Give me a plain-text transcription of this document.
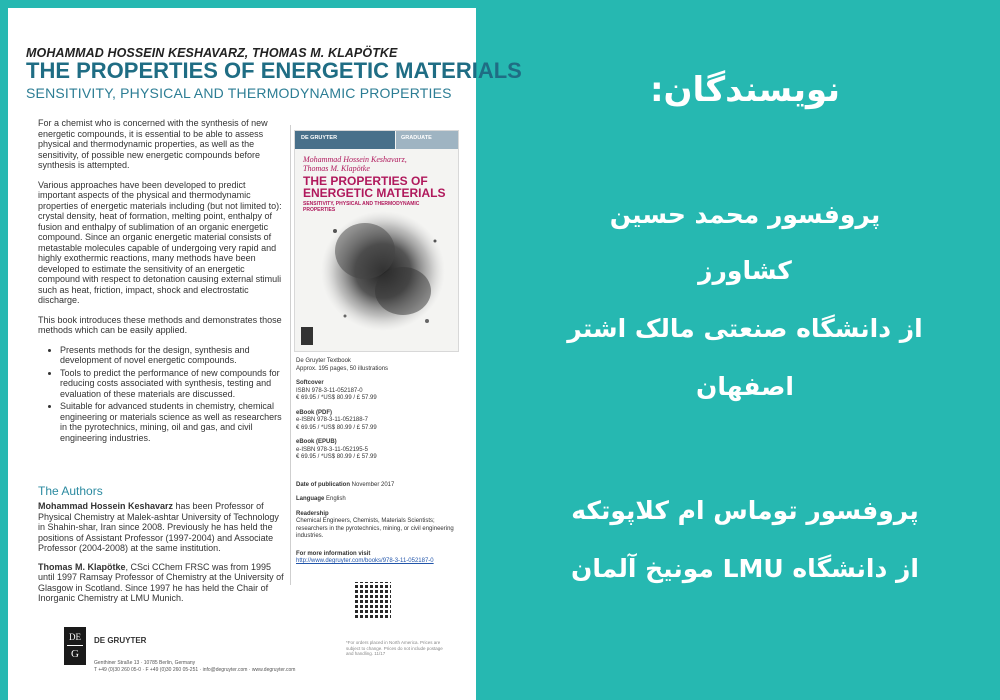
MOHAMMAD HOSSEIN KESHAVARZ, THOMAS M. KLAPÖTKE
THE PROPERTIES OF ENERGETIC MATERIALS
SENSITIVITY, PHYSICAL AND THERMODYNAMIC PROPERTIES

For a chemist who is concerned with the synthesis of new energetic compounds, it is essential to be able to assess physical and thermodynamic properties, as well as the sensitivity, of possible new energetic compounds before synthesis is attempted.

Various approaches have been developed to predict important aspects of the physical and thermodynamic properties of energetic materials including (but not limited to): crystal density, heat of formation, melting point, enthalpy of fusion and enthalpy of sublimation of an organic energetic compound. Since an organic energetic material consists of metastable molecules capable of undergoing very rapid and highly exothermic reactions, many methods have been developed to estimate the sensitivity of an energetic compound with respect to detonation causing external stimuli such as heat, friction, impact, shock and electrostatic discharge.

This book introduces these methods and demonstrates those methods which can be easily applied.

• Presents methods for the design, synthesis and development of novel energetic compounds.
• Tools to predict the performance of new compounds for reducing costs associated with synthesis, testing and evaluation of these materials are discussed.
• Suitable for advanced students in chemistry, chemical engineering or materials science as well as researchers in the pyrotechnics, mining, oil and gas, and civil engineering industries.
The Authors

Mohammad Hossein Keshavarz has been Professor of Physical Chemistry at Malek-ashtar University of Technology in Shahin-shar, Iran since 2008. Previously he has held the positions of Assistant Professor (1997-2004) and Associate Professor (2004-2008) at the same institution.

Thomas M. Klapötke, CSci CChem FRSC was from 1995 until 1997 Ramsay Professor of Chemistry at the University of Glasgow in Scotland. Since 1997 he has held the Chair of Inorganic Chemistry at LMU Munich.

DE GRUYTER	GRADUATE
Mohammad Hossein Keshavarz,
Thomas M. Klapötke
THE PROPERTIES OF ENERGETIC MATERIALS
SENSITIVITY, PHYSICAL AND THERMODYNAMIC PROPERTIES
De Gruyter Textbook
Approx. 195 pages, 50 illustrations
Softcover
ISBN 978-3-11-052187-0
€ 69.95 / *US$ 80.99 / £ 57.99
eBook (PDF)
e-ISBN 978-3-11-052188-7
€ 69.95 / *US$ 80.99 / £ 57.99
eBook (EPUB)
e-ISBN 978-3-11-052195-5
€ 69.95 / *US$ 80.99 / £ 57.99
Date of publication November 2017
Language English
Readership
Chemical Engineers, Chemists, Materials Scientists; researchers in the pyrotechnics, mining, or civil engineering industries.
For more information visit
http://www.degruyter.com/books/978-3-11-052187-0
DE
G
DE GRUYTER
Genthiner Straße 13 · 10785 Berlin, Germany
T +49 (0)30 260 05-0 · F +49 (0)30 260 05-251 · info@degruyter.com · www.degruyter.com
*For orders placed in North America. Prices are subject to change. Prices do not include postage and handling. 11/17
نویسندگان:
پروفسور محمد حسین
کشاورز
از دانشگاه صنعتی مالک اشتر
اصفهان
پروفسور توماس ام کلاپوتکه
از دانشگاه LMU مونیخ آلمان
